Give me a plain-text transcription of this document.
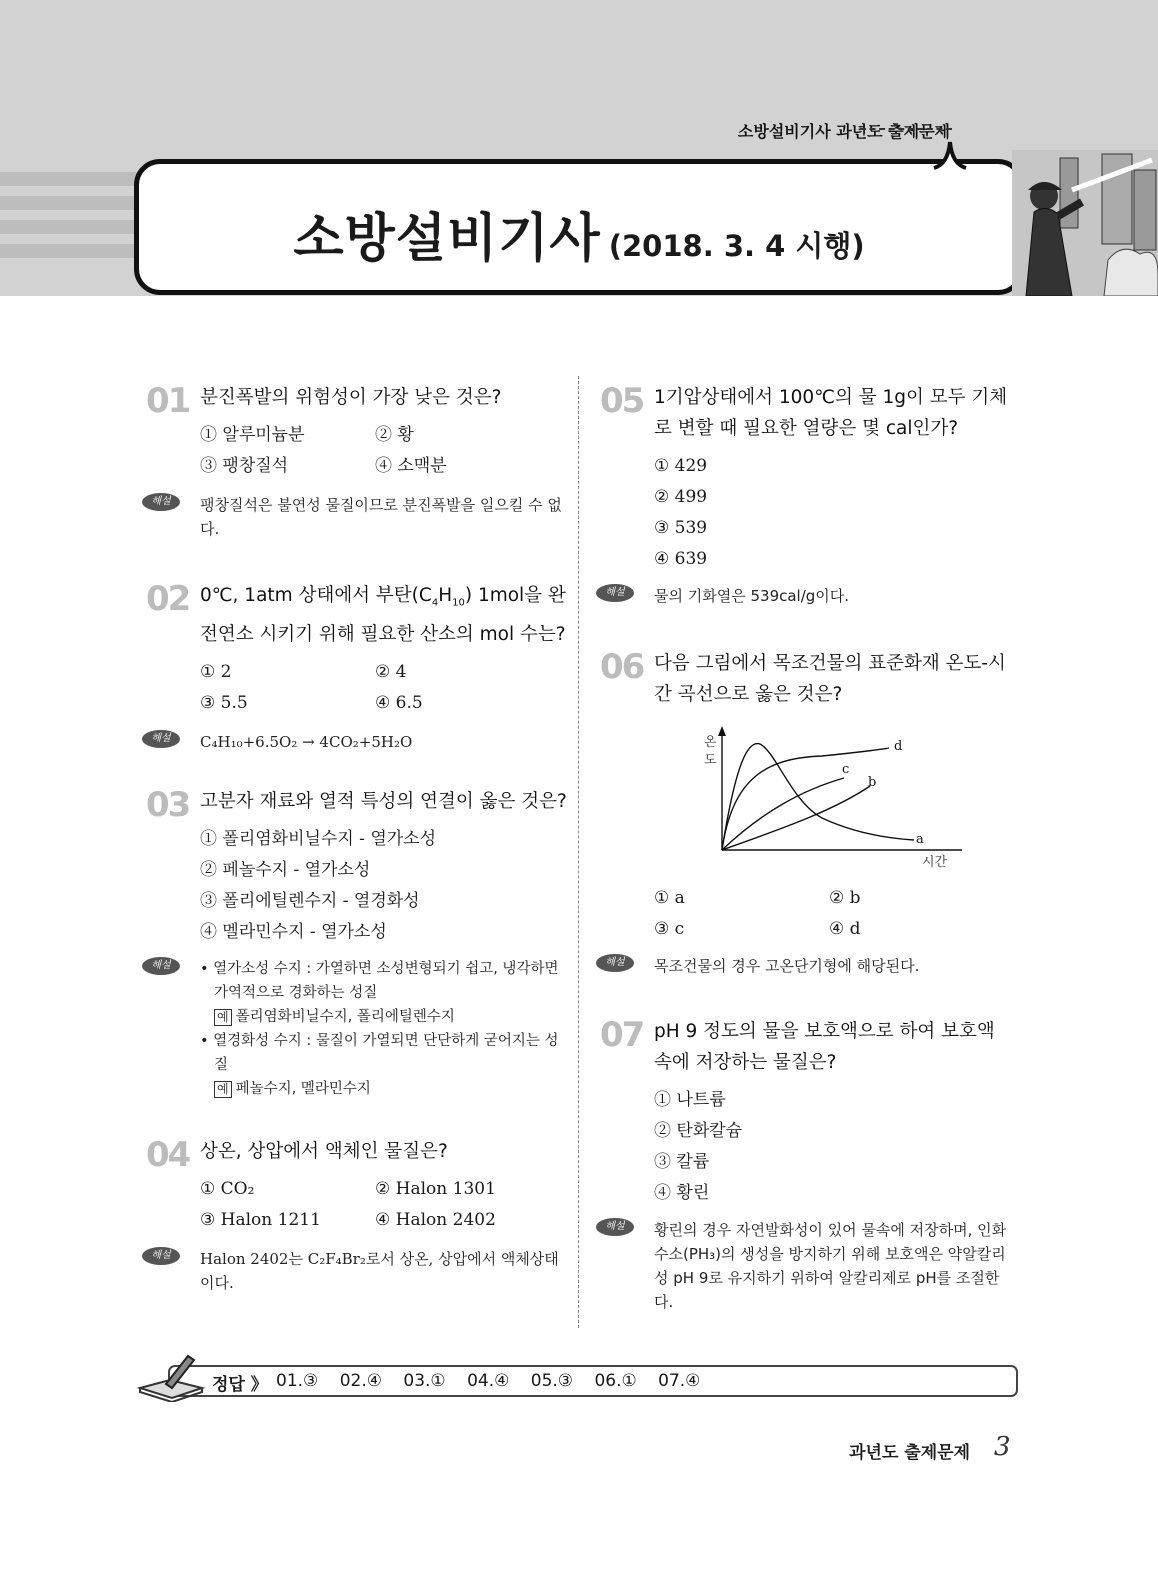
소방설비기사 과년도 출제문제
소방설비기사 (2018. 3. 4 시행)
01 분진폭발의 위험성이 가장 낮은 것은?
① 알루미늄분	② 황
③ 팽창질석	④ 소맥분
해설	팽창질석은 불연성 물질이므로 분진폭발을 일으킬 수 없다.
02 0℃, 1atm 상태에서 부탄$(C_4H_{10})$ 1mol을 완전연소 시키기 위해 필요한 산소의 mol 수는?
① 2	② 4
③ 5.5	④ 6.5
해설	C₄H₁₀+6.5O₂ → 4CO₂+5H₂O
03 고분자 재료와 열적 특성의 연결이 옳은 것은?
① 폴리염화비닐수지 - 열가소성
② 페놀수지 - 열가소성
③ 폴리에틸렌수지 - 열경화성
④ 멜라민수지 - 열가소성
해설	• 열가소성 수지 : 가열하면 소성변형되기 쉽고, 냉각하면 가역적으로 경화하는 성질
예 폴리염화비닐수지, 폴리에틸렌수지
• 열경화성 수지 : 물질이 가열되면 단단하게 굳어지는 성질
예 페놀수지, 멜라민수지
04 상온, 상압에서 액체인 물질은?
① CO₂	② Halon 1301
③ Halon 1211	④ Halon 2402
해설	Halon 2402는 C₂F₄Br₂로서 상온, 상압에서 액체상태이다.
05 1기압상태에서 100℃의 물 1g이 모두 기체로 변할 때 필요한 열량은 몇 cal인가?
① 429
② 499
③ 539
④ 639
해설	물의 기화열은 539cal/g이다.
06 다음 그림에서 목조건물의 표준화재 온도-시간 곡선으로 옳은 것은?
온
도
a
b
c
d
시간
① a	② b
③ c	④ d
해설	목조건물의 경우 고온단기형에 해당된다.
07 pH 9 정도의 물을 보호액으로 하여 보호액 속에 저장하는 물질은?
① 나트륨
② 탄화칼슘
③ 칼륨
④ 황린
해설	황린의 경우 자연발화성이 있어 물속에 저장하며, 인화수소(PH₃)의 생성을 방지하기 위해 보호액은 약알칼리성 pH 9로 유지하기 위하여 알칼리제로 pH를 조절한다.
정답 》 01.③ 02.④ 03.① 04.④ 05.③ 06.① 07.④
과년도 출제문제 3
